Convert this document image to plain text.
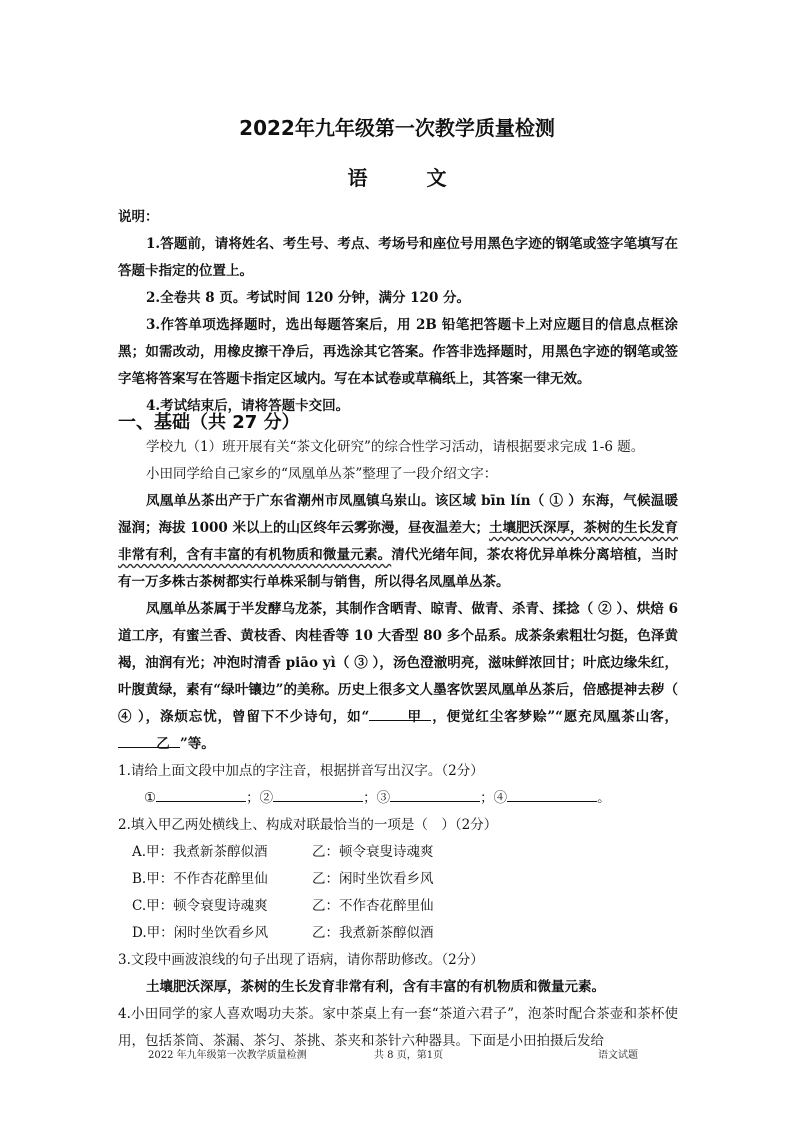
2022年九年级第一次教学质量检测
语 文

说明：

1.答题前，请将姓名、考生号、考点、考场号和座位号用黑色字迹的钢笔或签字笔填写在答题卡指定的位置上。

2.全卷共 8 页。考试时间 120 分钟，满分 120 分。

3.作答单项选择题时，选出每题答案后，用 2B 铅笔把答题卡上对应题目的信息点框涂黑；如需改动，用橡皮擦干净后，再选涂其它答案。作答非选择题时，用黑色字迹的钢笔或签字笔将答案写在答题卡指定区域内。写在本试卷或草稿纸上，其答案一律无效。

4.考试结束后，请将答题卡交回。

一、基础（共 27 分）

学校九（1）班开展有关“茶文化研究”的综合性学习活动，请根据要求完成 1-6 题。

小田同学给自己家乡的“凤凰单丛茶”整理了一段介绍文字：

凤凰单丛茶出产于广东省潮州市凤凰镇乌岽山。该区域 bīn lín（ ① ）东海，气候温暖湿润；海拔 1000 米以上的山区终年云雾弥漫，昼夜温差大；土壤肥沃深厚，茶树的生长发育非常有利，含有丰富的有机物质和微量元素。清代光绪年间，茶农将优异单株分离培植，当时有一万多株古茶树都实行单株采制与销售，所以得名凤凰单丛茶。

凤凰单丛茶属于半发酵乌龙茶，其制作含晒青、晾青、做青、杀青、揉捻（ ② ）、烘焙 6 道工序，有蜜兰香、黄枝香、肉桂香等 10 大香型 80 多个品系。成茶条索粗壮匀挺，色泽黄褐，油润有光；冲泡时清香 piāo yì（ ③ ），汤色澄澈明亮，滋味鲜浓回甘；叶底边缘朱红，叶腹黄绿，素有“绿叶镶边”的美称。历史上很多文人墨客饮罢凤凰单丛茶后，倍感提神去秽（ ④ ），涤烦忘忧，曾留下不少诗句，如“	甲 ，便觉红尘客梦赊”“愿充凤凰茶山客，乙 ”等。

1.请给上面文段中加点的字注音，根据拼音写出汉字。（2分）

①	；②	；③	；④	。

2.填入甲乙两处横线上、构成对联最恰当的一项是（　）（2分）

A.甲：我煮新茶醇似酒	乙：顿令衰叟诗魂爽
B.甲：不作杏花醉里仙	乙：闲时坐饮看乡风
C.甲：顿令衰叟诗魂爽	乙：不作杏花醉里仙
D.甲：闲时坐饮看乡风	乙：我煮新茶醇似酒

3.文段中画波浪线的句子出现了语病，请你帮助修改。（2分）

土壤肥沃深厚，茶树的生长发育非常有利，含有丰富的有机物质和微量元素。

4.小田同学的家人喜欢喝功夫茶。家中茶桌上有一套“茶道六君子”，泡茶时配合茶壶和茶杯使用，包括茶筒、茶漏、茶匀、茶挑、茶夹和茶针六种器具。下面是小田拍摄后发给

2022 年九年级第一次教学质量检测	共 8 页，第1页	语文试题
